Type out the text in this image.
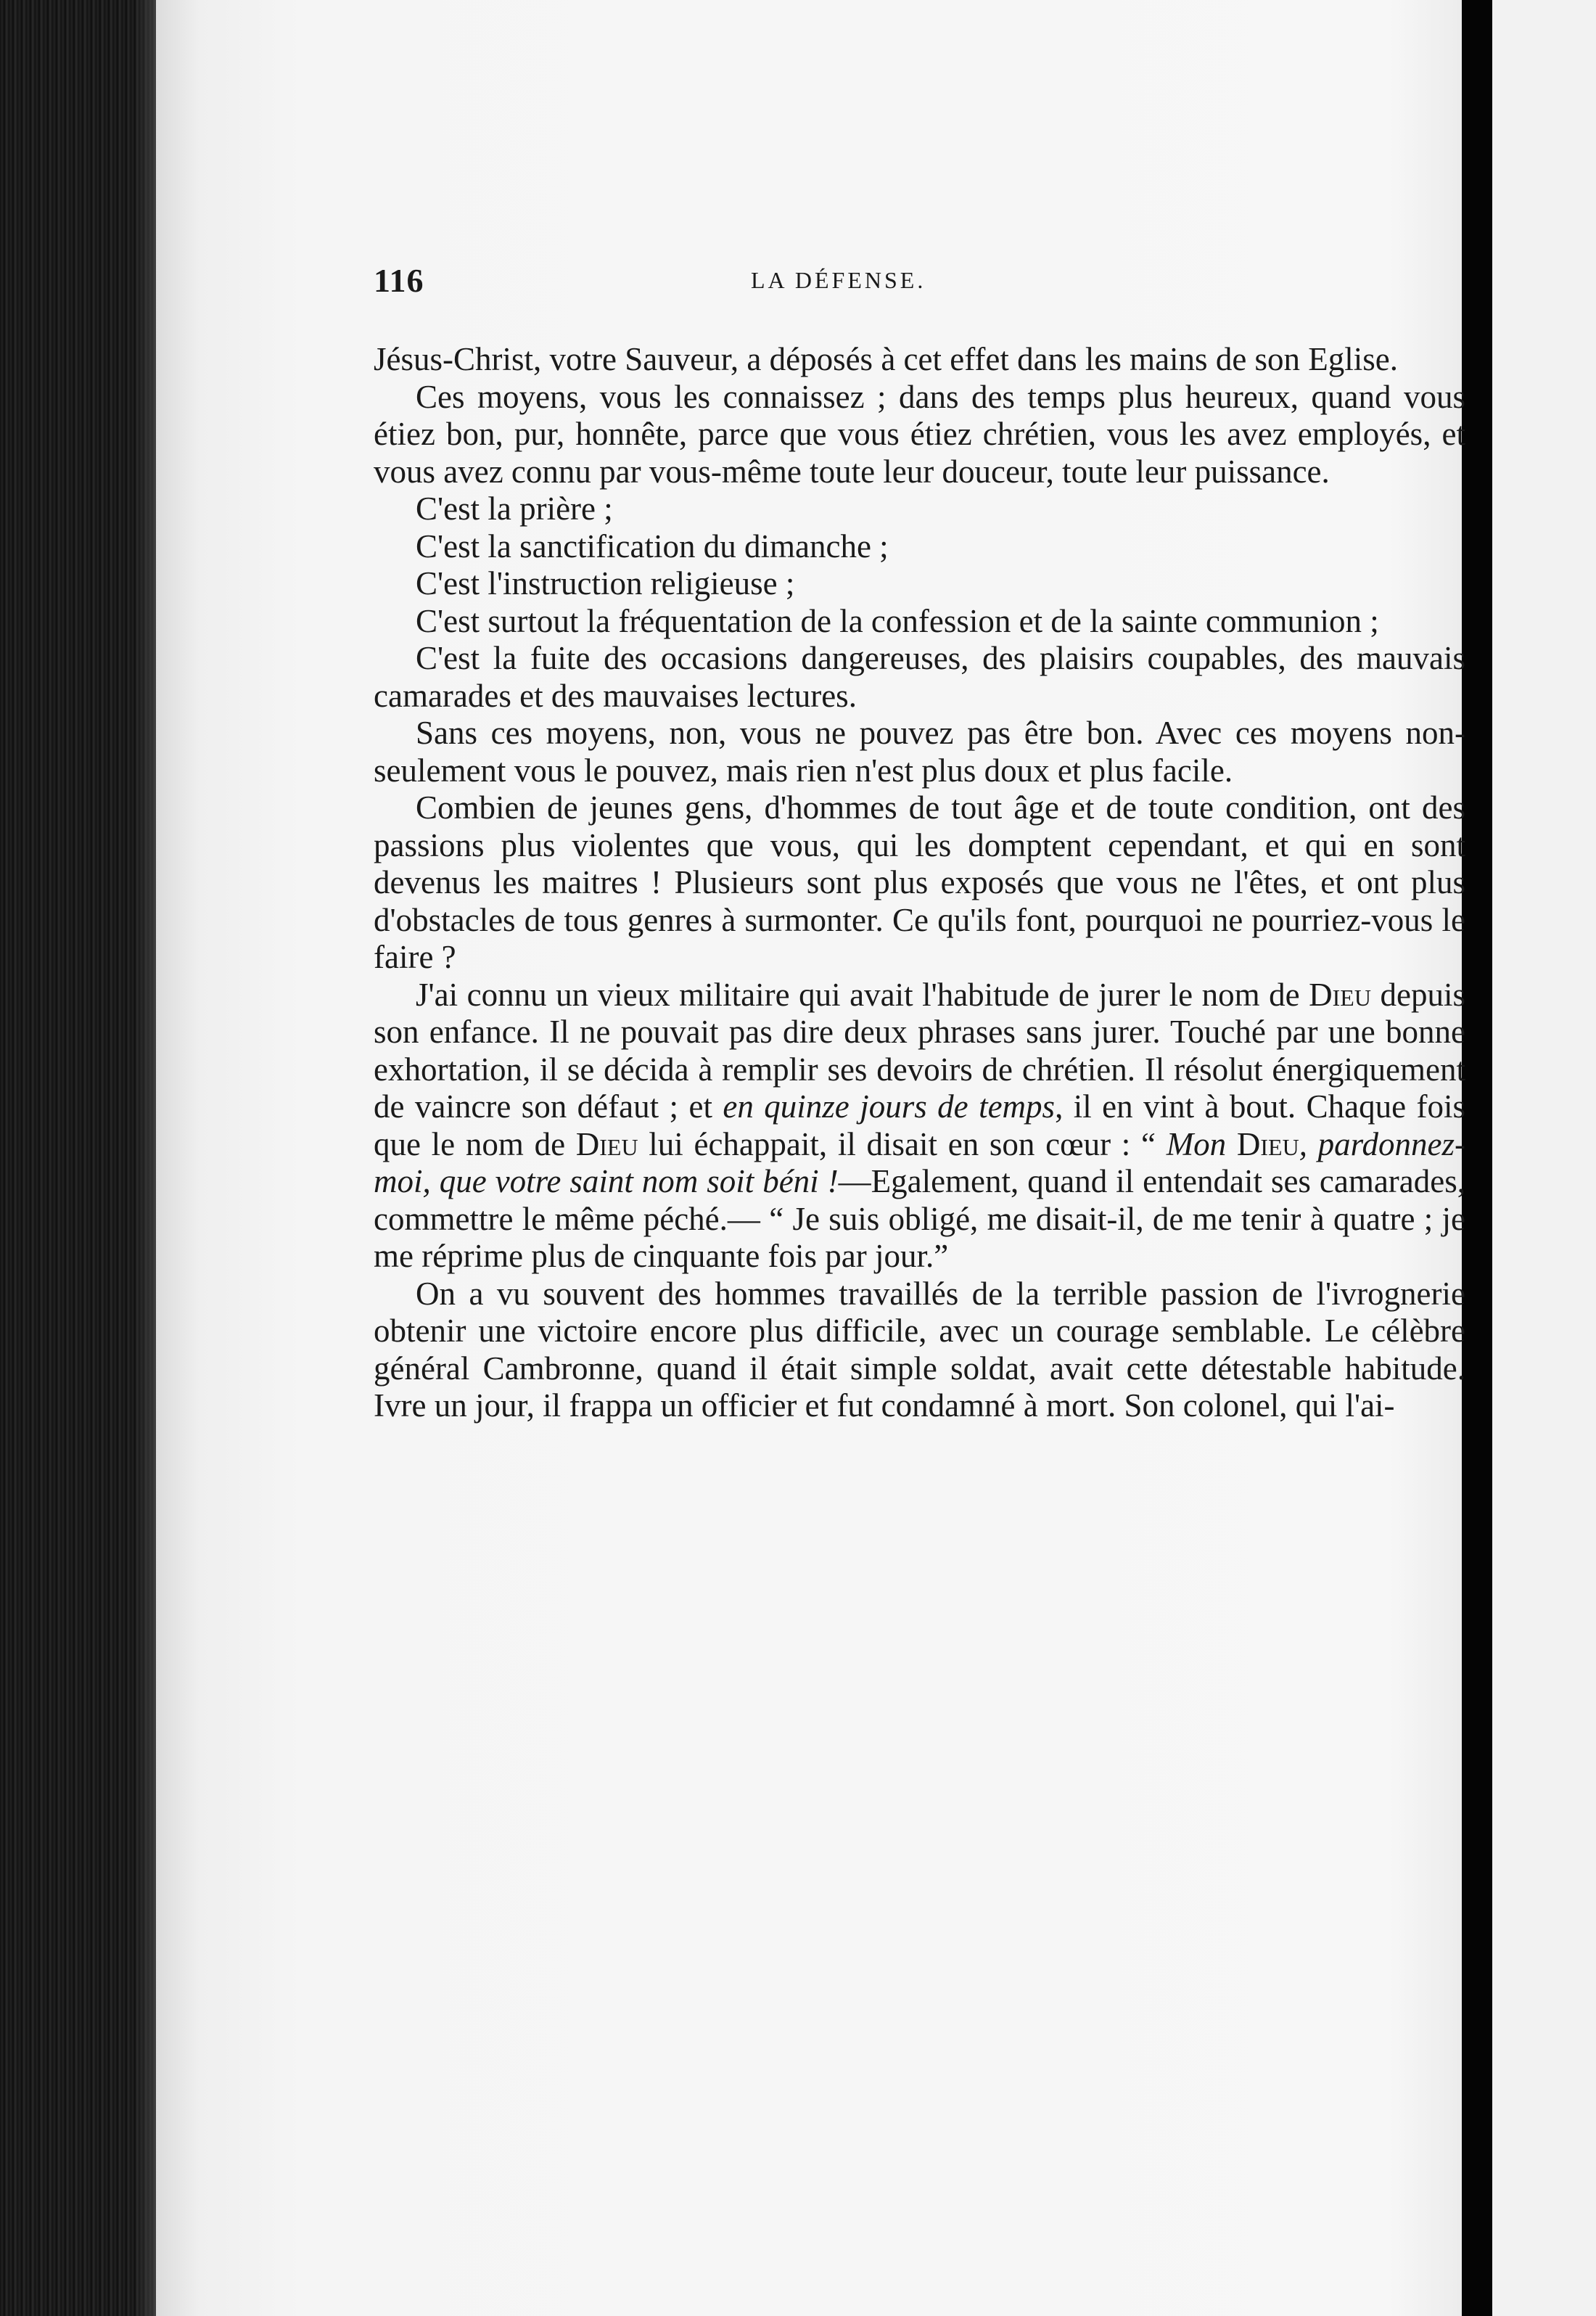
116	LA DÉFENSE.

Jésus-Christ, votre Sauveur, a déposés à cet effet dans les mains de son Eglise.

Ces moyens, vous les connaissez ; dans des temps plus heureux, quand vous étiez bon, pur, honnête, parce que vous étiez chrétien, vous les avez employés, et vous avez connu par vous-même toute leur douceur, toute leur puissance.

C'est la prière ;

C'est la sanctification du dimanche ;

C'est l'instruction religieuse ;

C'est surtout la fréquentation de la confession et de la sainte communion ;

C'est la fuite des occasions dangereuses, des plaisirs coupables, des mauvais camarades et des mauvaises lectures.

Sans ces moyens, non, vous ne pouvez pas être bon. Avec ces moyens non-seulement vous le pouvez, mais rien n'est plus doux et plus facile.

Combien de jeunes gens, d'hommes de tout âge et de toute condition, ont des passions plus violentes que vous, qui les domptent cependant, et qui en sont devenus les maitres ! Plusieurs sont plus exposés que vous ne l'êtes, et ont plus d'obstacles de tous genres à surmonter. Ce qu'ils font, pourquoi ne pourriez-vous le faire ?

J'ai connu un vieux militaire qui avait l'habitude de jurer le nom de Dieu depuis son enfance. Il ne pouvait pas dire deux phrases sans jurer. Touché par une bonne exhortation, il se décida à remplir ses devoirs de chrétien. Il résolut énergiquement de vaincre son défaut ; et en quinze jours de temps, il en vint à bout. Chaque fois que le nom de Dieu lui échappait, il disait en son cœur : “ Mon Dieu, pardonnez-moi, que votre saint nom soit béni !—Egalement, quand il entendait ses camarades, commettre le même péché.— “ Je suis obligé, me disait-il, de me tenir à quatre ; je me réprime plus de cinquante fois par jour.”

On a vu souvent des hommes travaillés de la terrible passion de l'ivrognerie obtenir une victoire encore plus difficile, avec un courage semblable. Le célèbre général Cambronne, quand il était simple soldat, avait cette détestable habitude. Ivre un jour, il frappa un officier et fut condamné à mort. Son colonel, qui l'ai-
